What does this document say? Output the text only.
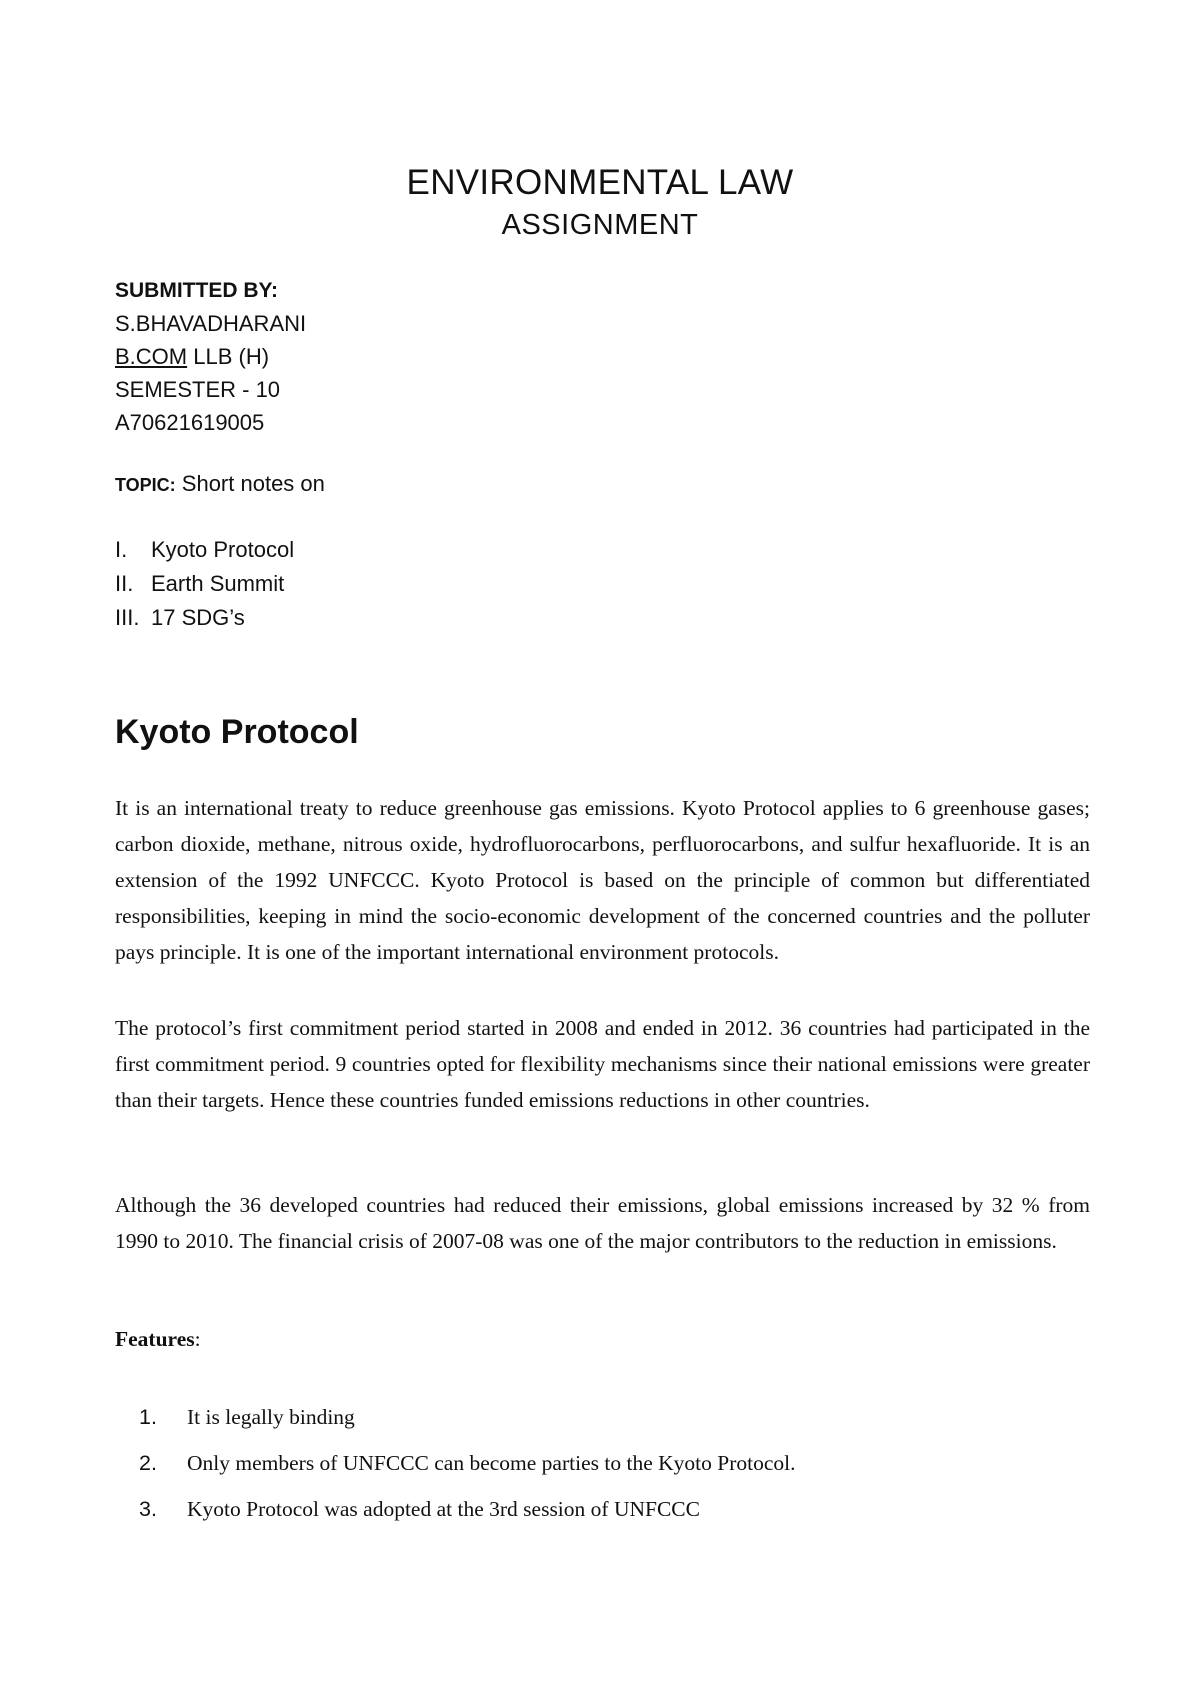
ENVIRONMENTAL LAW
ASSIGNMENT
SUBMITTED BY:
S.BHAVADHARANI
B.COM LLB (H)
SEMESTER - 10
A70621619005
TOPIC: Short notes on
I.	Kyoto Protocol
II. Earth Summit
III. 17 SDG’s
Kyoto Protocol

It is an international treaty to reduce greenhouse gas emissions. Kyoto Protocol applies to 6 greenhouse gases; carbon dioxide, methane, nitrous oxide, hydrofluorocarbons, perfluorocarbons, and sulfur hexafluoride. It is an extension of the 1992 UNFCCC. Kyoto Protocol is based on the principle of common but differentiated responsibilities, keeping in mind the socio-economic development of the concerned countries and the polluter pays principle. It is one of the important international environment protocols.

The protocol’s first commitment period started in 2008 and ended in 2012. 36 countries had participated in the first commitment period. 9 countries opted for flexibility mechanisms since their national emissions were greater than their targets. Hence these countries funded emissions reductions in other countries.

Although the 36 developed countries had reduced their emissions, global emissions increased by 32 % from 1990 to 2010. The financial crisis of 2007-08 was one of the major contributors to the reduction in emissions.

Features:

1.	It is legally binding
2.	Only members of UNFCCC can become parties to the Kyoto Protocol.
3.	Kyoto Protocol was adopted at the 3rd session of UNFCCC
